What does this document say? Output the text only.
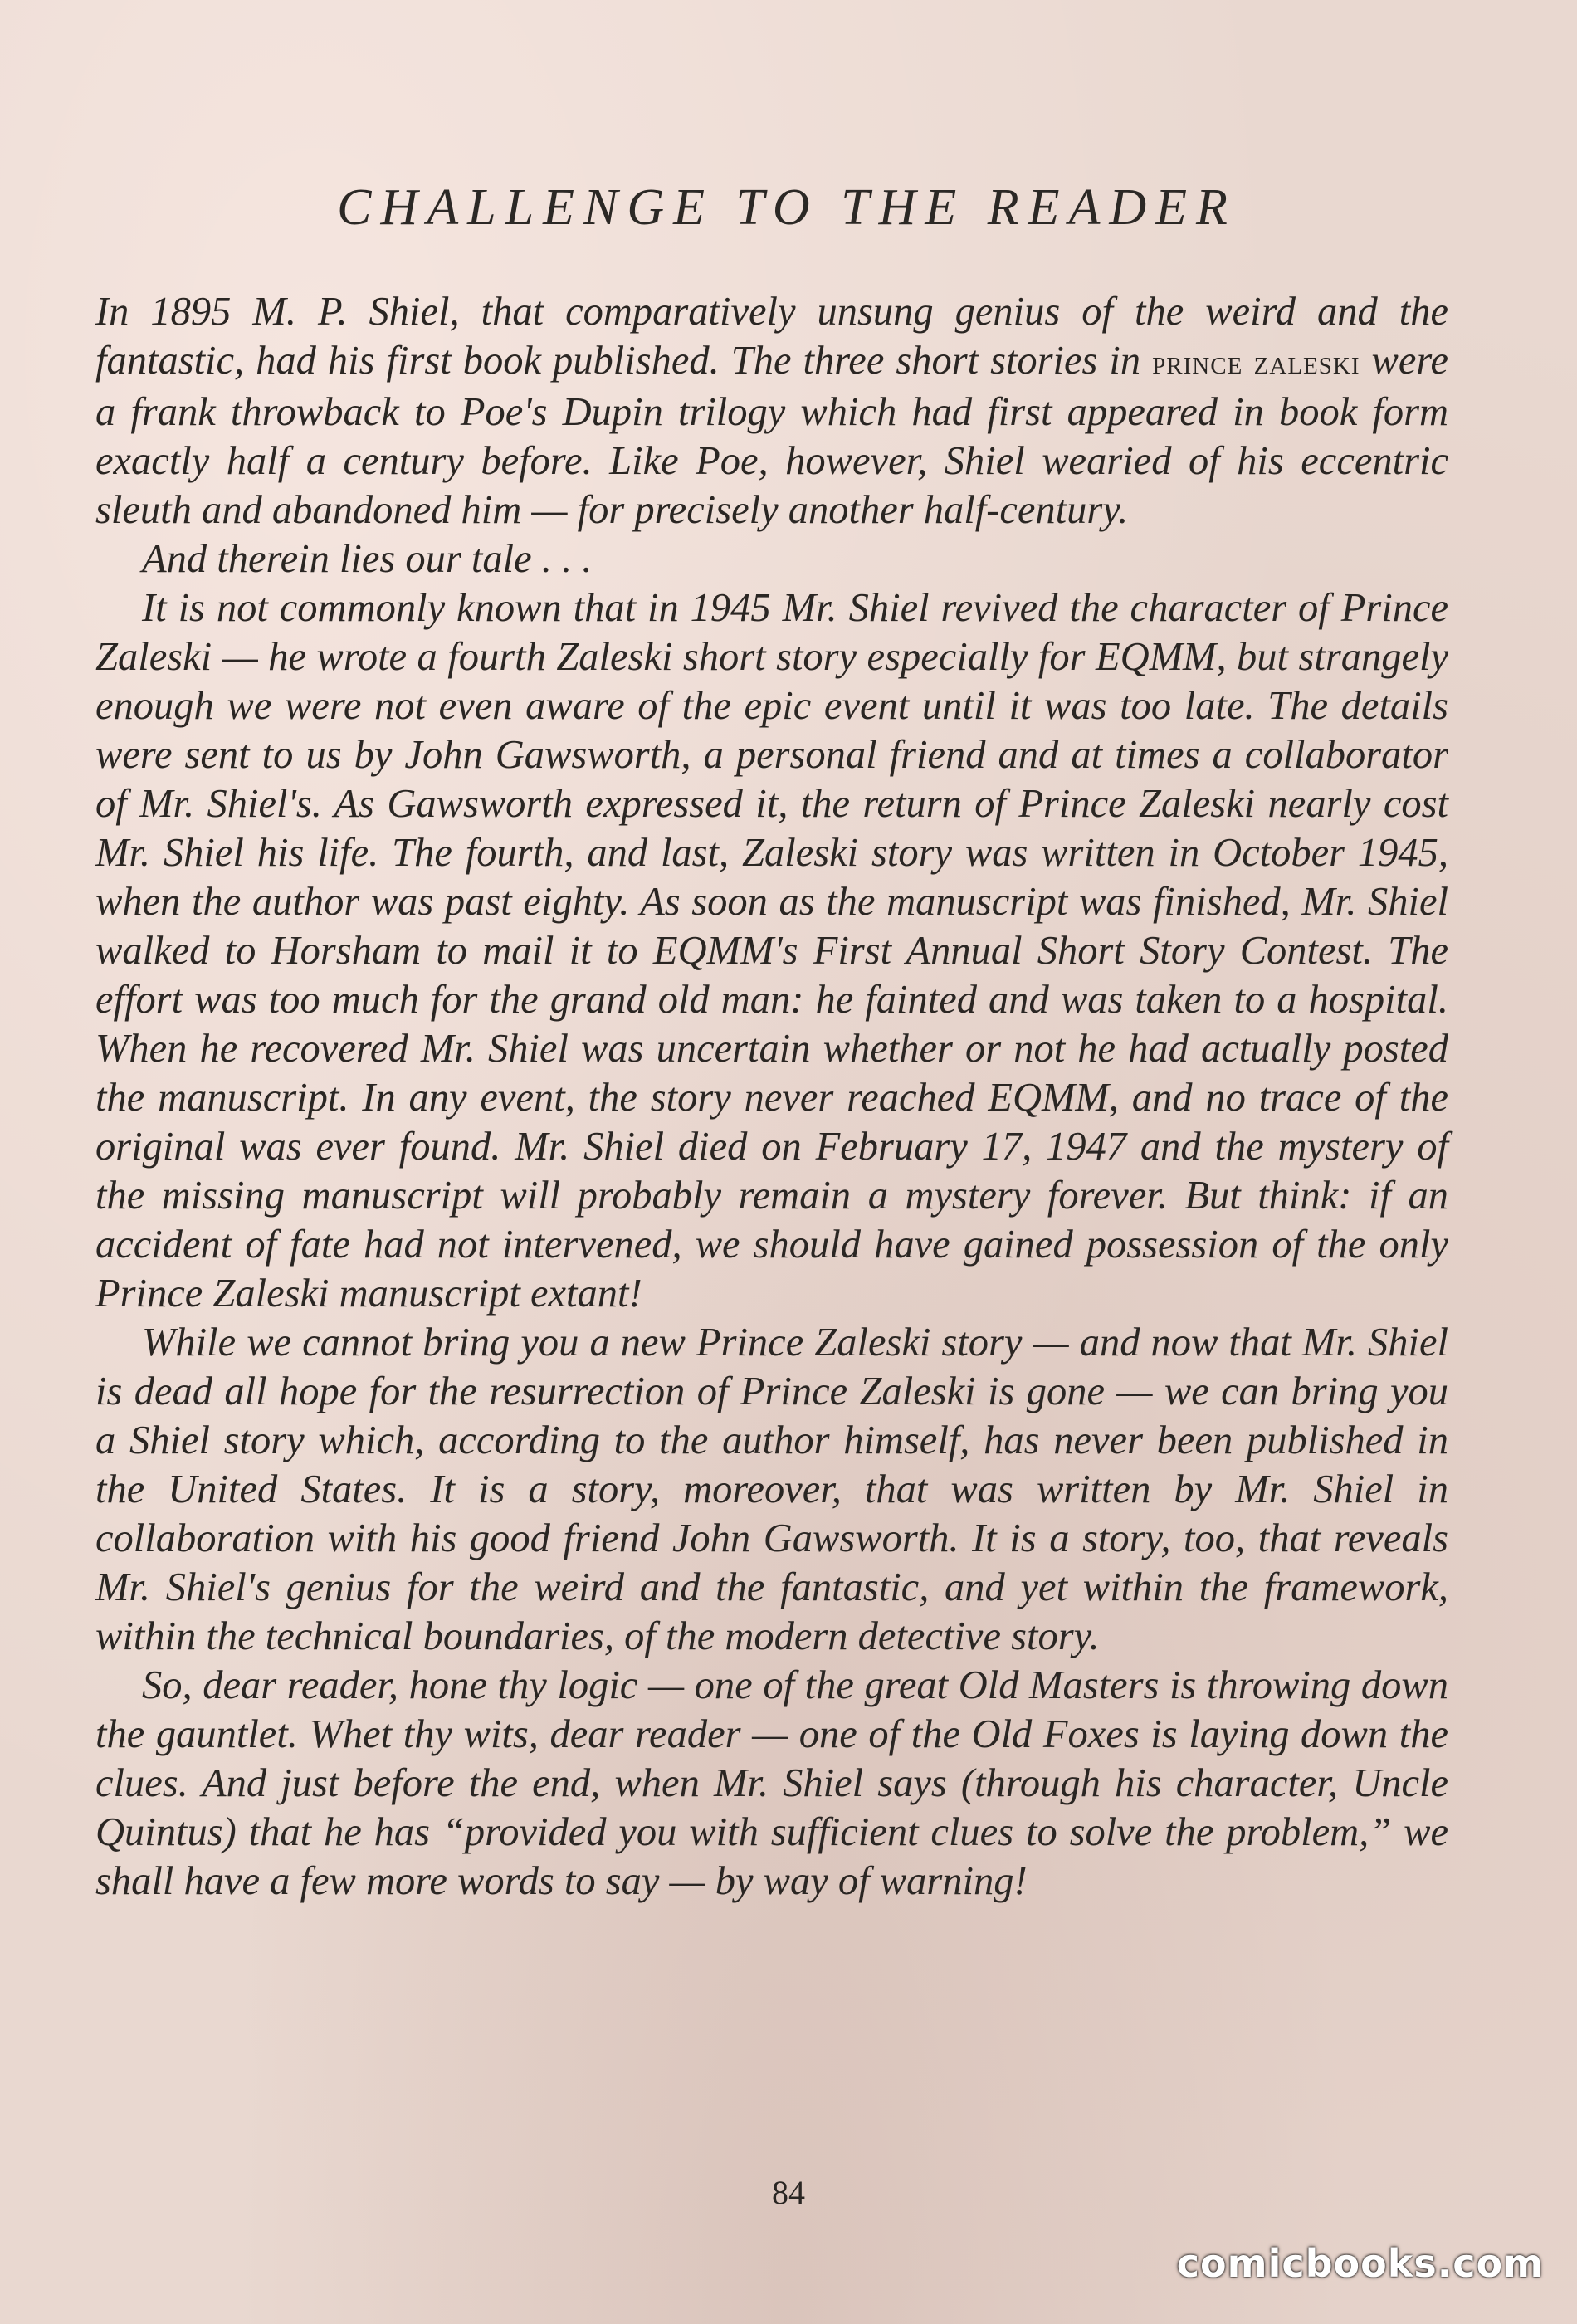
CHALLENGE TO THE READER

In 1895 M. P. Shiel, that comparatively unsung genius of the weird and the fantastic, had his first book published. The three short stories in prince zaleski were a frank throwback to Poe's Dupin trilogy which had first appeared in book form exactly half a century before. Like Poe, however, Shiel wearied of his eccentric sleuth and abandoned him — for precisely another half-century.

And therein lies our tale . . .

It is not commonly known that in 1945 Mr. Shiel revived the character of Prince Zaleski — he wrote a fourth Zaleski short story especially for EQMM, but strangely enough we were not even aware of the epic event until it was too late. The details were sent to us by John Gawsworth, a personal friend and at times a collaborator of Mr. Shiel's. As Gawsworth expressed it, the return of Prince Zaleski nearly cost Mr. Shiel his life. The fourth, and last, Zaleski story was written in October 1945, when the author was past eighty. As soon as the manuscript was finished, Mr. Shiel walked to Horsham to mail it to EQMM's First Annual Short Story Contest. The effort was too much for the grand old man: he fainted and was taken to a hospital. When he recovered Mr. Shiel was uncertain whether or not he had actually posted the manuscript. In any event, the story never reached EQMM, and no trace of the original was ever found. Mr. Shiel died on February 17, 1947 and the mystery of the missing manuscript will probably remain a mystery forever. But think: if an accident of fate had not intervened, we should have gained possession of the only Prince Zaleski manuscript extant!

While we cannot bring you a new Prince Zaleski story — and now that Mr. Shiel is dead all hope for the resurrection of Prince Zaleski is gone — we can bring you a Shiel story which, according to the author himself, has never been published in the United States. It is a story, moreover, that was written by Mr. Shiel in collaboration with his good friend John Gawsworth. It is a story, too, that reveals Mr. Shiel's genius for the weird and the fantastic, and yet within the framework, within the technical boundaries, of the modern detective story.

So, dear reader, hone thy logic — one of the great Old Masters is throwing down the gauntlet. Whet thy wits, dear reader — one of the Old Foxes is laying down the clues. And just before the end, when Mr. Shiel says (through his character, Uncle Quintus) that he has “provided you with sufficient clues to solve the problem,” we shall have a few more words to say — by way of warning!

84
comicbooks.com
